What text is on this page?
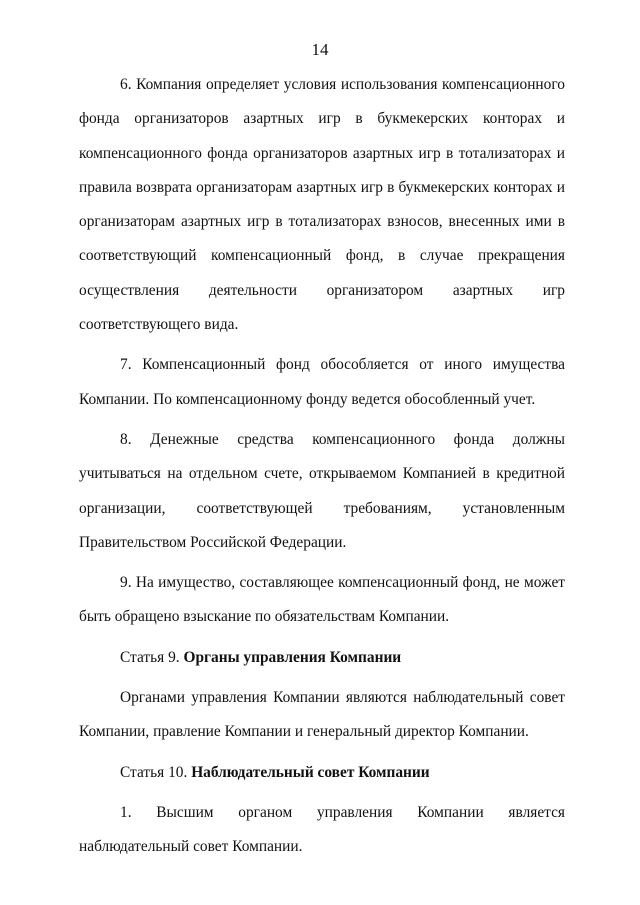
14

6. Компания определяет условия использования компенсационного фонда организаторов азартных игр в букмекерских конторах и компенсационного фонда организаторов азартных игр в тотализаторах и правила возврата организаторам азартных игр в букмекерских конторах и организаторам азартных игр в тотализаторах взносов, внесенных ими в соответствующий компенсационный фонд, в случае прекращения осуществления деятельности организатором азартных игр соответствующего вида.

7. Компенсационный фонд обособляется от иного имущества Компании. По компенсационному фонду ведется обособленный учет.

8. Денежные средства компенсационного фонда должны учитываться на отдельном счете, открываемом Компанией в кредитной организации, соответствующей требованиям, установленным Правительством Российской Федерации.

9. На имущество, составляющее компенсационный фонд, не может быть обращено взыскание по обязательствам Компании.

Статья 9. Органы управления Компании

Органами управления Компании являются наблюдательный совет Компании, правление Компании и генеральный директор Компании.

Статья 10. Наблюдательный совет Компании

1. Высшим органом управления Компании является наблюдательный совет Компании.
